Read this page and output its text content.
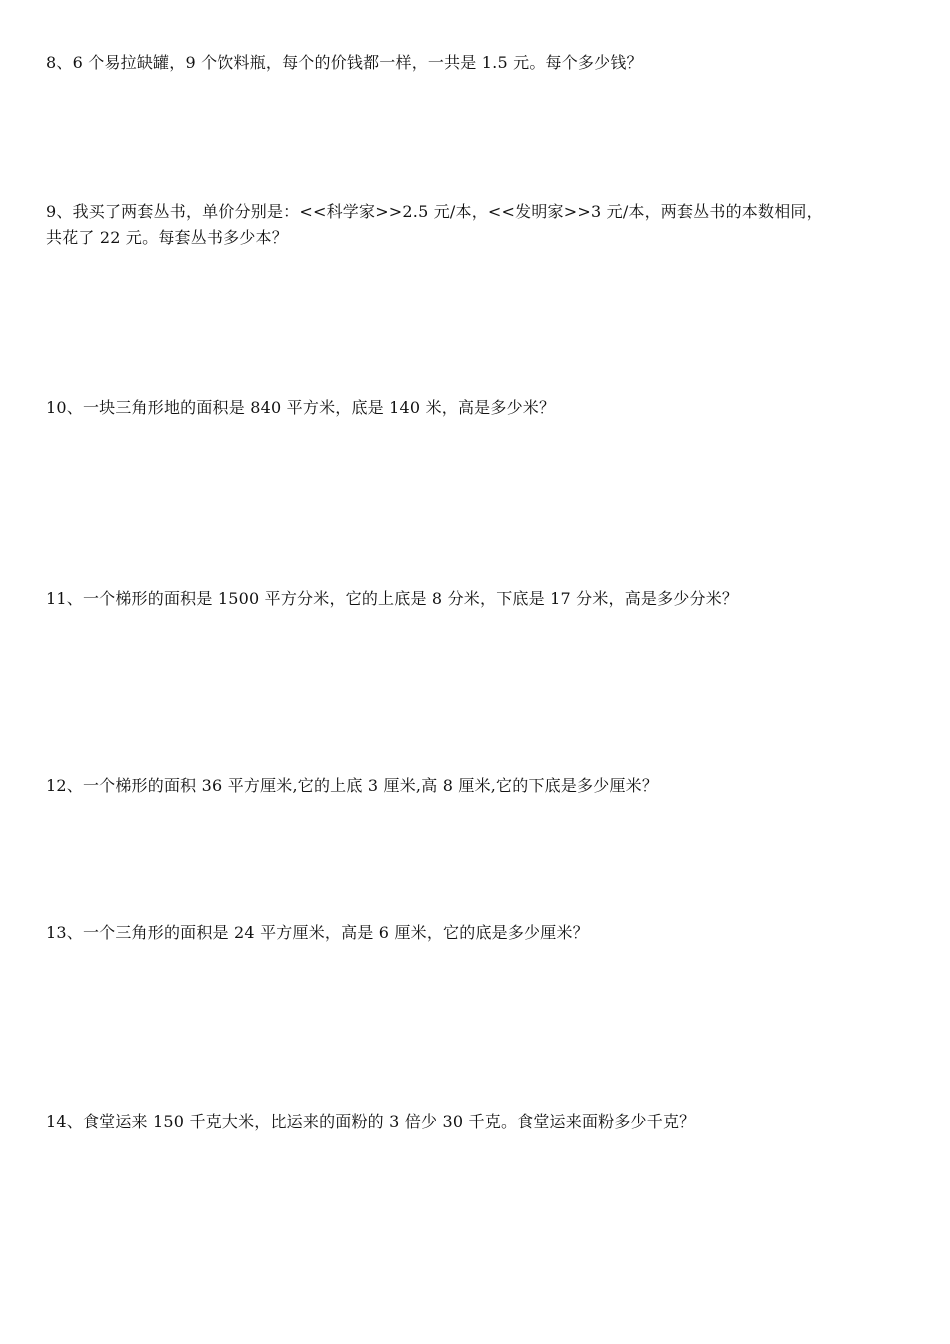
8、6 个易拉缺罐，9 个饮料瓶，每个的价钱都一样，一共是 1.5 元。每个多少钱？
9、我买了两套丛书，单价分别是：<<科学家>>2.5 元/本，<<发明家>>3 元/本，两套丛书的本数相同，
共花了 22 元。每套丛书多少本？
10、一块三角形地的面积是 840 平方米，底是 140 米，高是多少米？
11、一个梯形的面积是 1500 平方分米，它的上底是 8 分米，下底是 17 分米，高是多少分米？
12、一个梯形的面积 36 平方厘米,它的上底 3 厘米,高 8 厘米,它的下底是多少厘米？
13、一个三角形的面积是 24 平方厘米，高是 6 厘米，它的底是多少厘米？
14、食堂运来 150 千克大米，比运来的面粉的 3 倍少 30 千克。食堂运来面粉多少千克？
